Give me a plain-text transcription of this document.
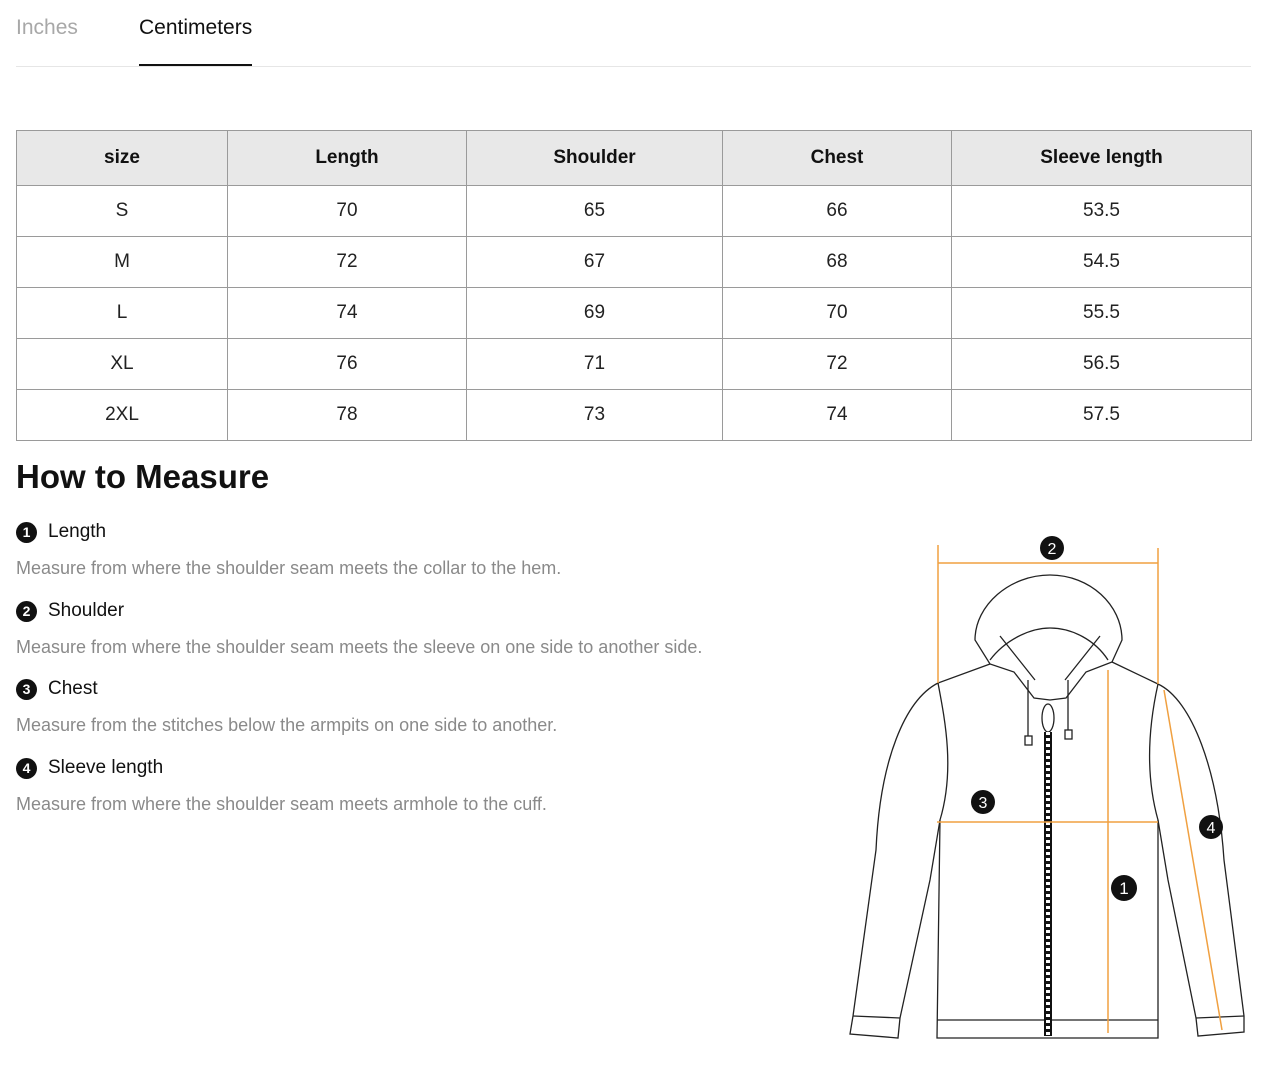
Inches	Centimeters
size	Length	Shoulder	Chest	Sleeve length
S	70	65	66	53.5
M	72	67	68	54.5
L	74	69	70	55.5
XL	76	71	72	56.5
2XL	78	73	74	57.5
How to Measure
1 Length
Measure from where the shoulder seam meets the collar to the hem.
2 Shoulder
Measure from where the shoulder seam meets the sleeve on one side to another side.
3 Chest
Measure from the stitches below the armpits on one side to another.
4 Sleeve length
Measure from where the shoulder seam meets armhole to the cuff.
2
3
1
4
